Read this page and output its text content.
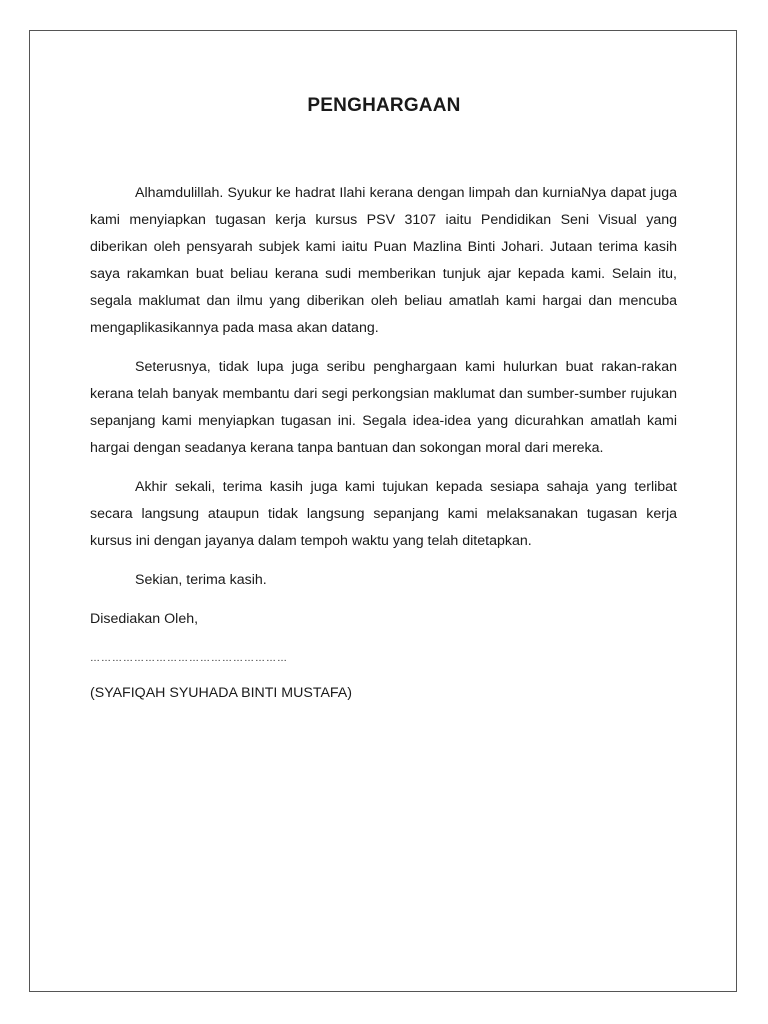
PENGHARGAAN

Alhamdulillah. Syukur ke hadrat Ilahi kerana dengan limpah dan kurniaNya dapat juga kami menyiapkan tugasan kerja kursus PSV 3107 iaitu Pendidikan Seni Visual yang diberikan oleh pensyarah subjek kami iaitu Puan Mazlina Binti Johari. Jutaan terima kasih saya rakamkan buat beliau kerana sudi memberikan tunjuk ajar kepada kami. Selain itu, segala maklumat dan ilmu yang diberikan oleh beliau amatlah kami hargai dan mencuba mengaplikasikannya pada masa akan datang.

Seterusnya, tidak lupa juga seribu penghargaan kami hulurkan buat rakan-rakan kerana telah banyak membantu dari segi perkongsian maklumat dan sumber-sumber rujukan sepanjang kami menyiapkan tugasan ini. Segala idea-idea yang dicurahkan amatlah kami hargai dengan seadanya kerana tanpa bantuan dan sokongan moral dari mereka.

Akhir sekali, terima kasih juga kami tujukan kepada sesiapa sahaja yang terlibat secara langsung ataupun tidak langsung sepanjang kami melaksanakan tugasan kerja kursus ini dengan jayanya dalam tempoh waktu yang telah ditetapkan.

Sekian, terima kasih.

Disediakan Oleh,

………………………………………………

(SYAFIQAH SYUHADA BINTI MUSTAFA)
